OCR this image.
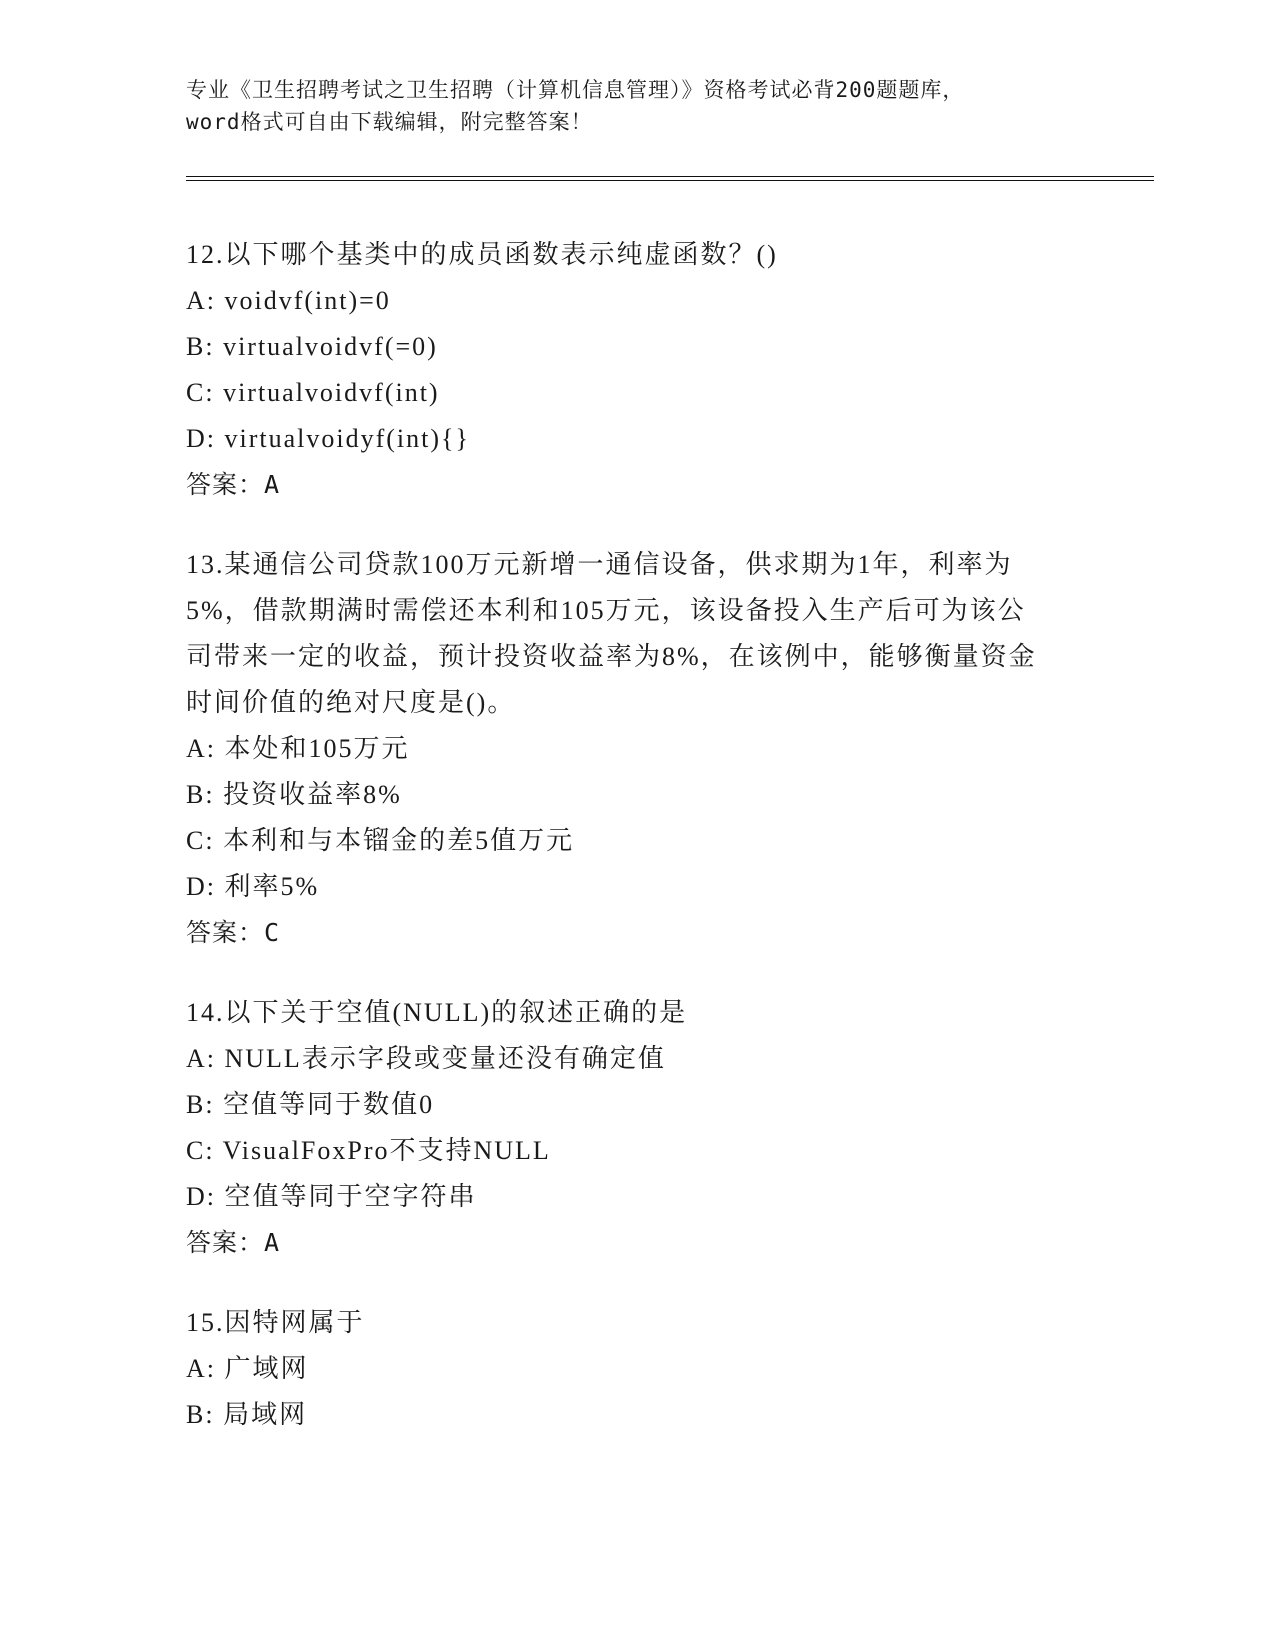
专业《卫生招聘考试之卫生招聘（计算机信息管理）》资格考试必背200题题库，
word格式可自由下载编辑，附完整答案！
12.以下哪个基类中的成员函数表示纯虚函数？()
A: voidvf(int)=0
B: virtualvoidvf(=0)
C: virtualvoidvf(int)
D: virtualvoidyf(int){}
答案：A
13.某通信公司贷款100万元新增一通信设备，供求期为1年，利率为
5%，借款期满时需偿还本利和105万元，该设备投入生产后可为该公
司带来一定的收益，预计投资收益率为8%，在该例中，能够衡量资金
时间价值的绝对尺度是()。
A: 本处和105万元
B: 投资收益率8%
C: 本利和与本镏金的差5值万元
D: 利率5%
答案：C
14.以下关于空值(NULL)的叙述正确的是
A: NULL表示字段或变量还没有确定值
B: 空值等同于数值0
C: VisualFoxPro不支持NULL
D: 空值等同于空字符串
答案：A
15.因特网属于
A: 广域网
B: 局域网
